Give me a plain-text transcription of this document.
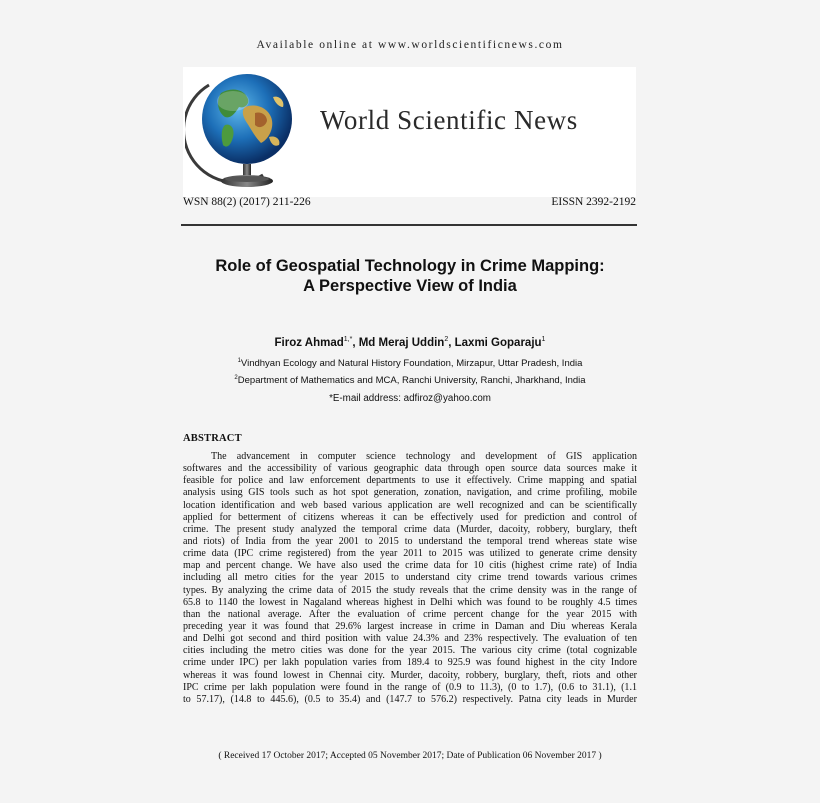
Available online at www.worldscientificnews.com
World Scientific News
WSN 88(2) (2017) 211-226	EISSN 2392-2192
Role of Geospatial Technology in Crime Mapping:
A Perspective View of India
Firoz Ahmad$^{1,*}$, Md Meraj Uddin$^2$, Laxmi Goparaju$^1$
$^1$Vindhyan Ecology and Natural History Foundation, Mirzapur, Uttar Pradesh, India
$^2$Department of Mathematics and MCA, Ranchi University, Ranchi, Jharkhand, India
*E-mail address: adfiroz@yahoo.com
ABSTRACT
The advancement in computer science technology and development of GIS application
softwares and the accessibility of various geographic data through open source data sources make it
feasible for police and law enforcement departments to use it effectively. Crime mapping and spatial
analysis using GIS tools such as hot spot generation, zonation, navigation, and crime profiling, mobile
location identification and web based various application are well recognized and can be scientifically
applied for betterment of citizens whereas it can be effectively used for prediction and control of
crime. The present study analyzed the temporal crime data (Murder, dacoity, robbery, burglary, theft
and riots) of India from the year 2001 to 2015 to understand the temporal trend whereas state wise
crime data (IPC crime registered) from the year 2011 to 2015 was utilized to generate crime density
map and percent change. We have also used the crime data for 10 citis (highest crime rate) of India
including all metro cities for the year 2015 to understand city crime trend towards various crimes
types. By analyzing the crime data of 2015 the study reveals that the crime density was in the range of
65.8 to 1140 the lowest in Nagaland whereas highest in Delhi which was found to be roughly 4.5 times
than the national average. After the evaluation of crime percent change for the year 2015 with
preceding year it was found that 29.6% largest increase in crime in Daman and Diu whereas Kerala
and Delhi got second and third position with value 24.3% and 23% respectively. The evaluation of ten
cities including the metro cities was done for the year 2015. The various city crime (total cognizable
crime under IPC) per lakh population varies from 189.4 to 925.9 was found highest in the city Indore
whereas it was found lowest in Chennai city. Murder, dacoity, robbery, burglary, theft, riots and other
IPC crime per lakh population were found in the range of (0.9 to 11.3), (0 to 1.7), (0.6 to 31.1), (1.1
to 57.17), (14.8 to 445.6), (0.5 to 35.4) and (147.7 to 576.2) respectively. Patna city leads in Murder
( Received 17 October 2017; Accepted 05 November 2017; Date of Publication 06 November 2017 )
